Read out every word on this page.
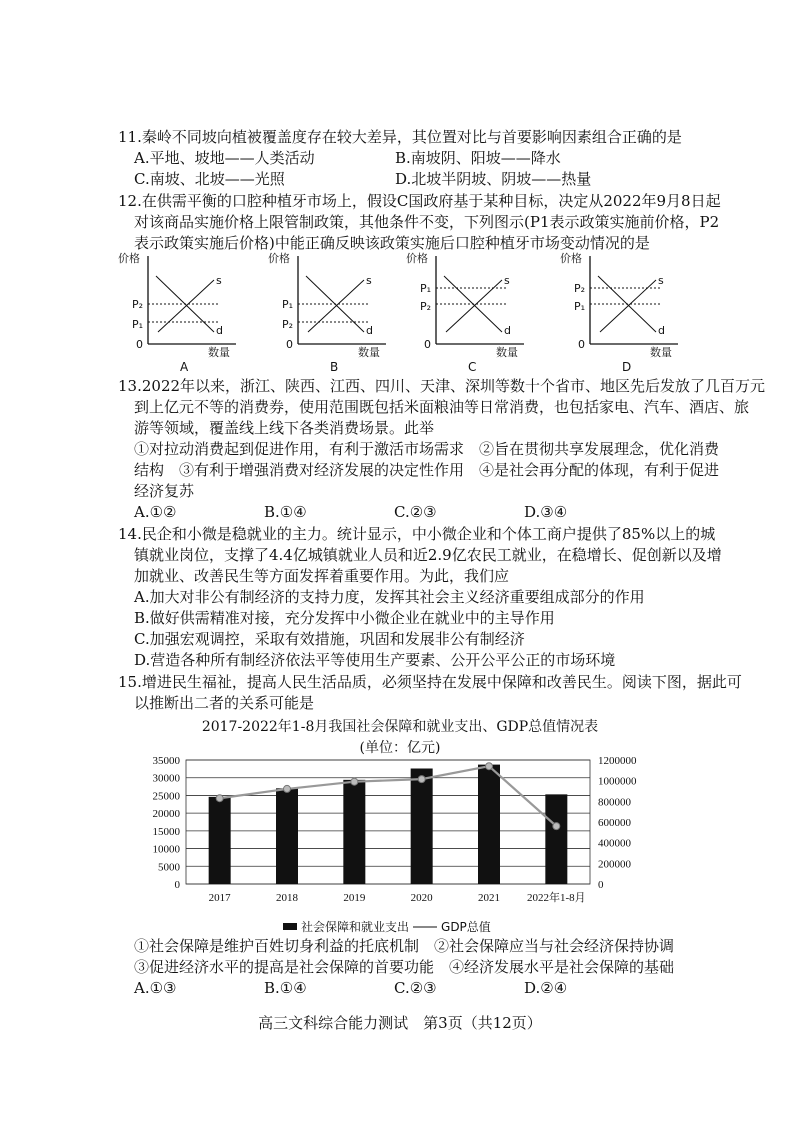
11.秦岭不同坡向植被覆盖度存在较大差异，其位置对比与首要影响因素组合正确的是
A.平地、坡地——人类活动	B.南坡阴、阳坡——降水
C.南坡、北坡——光照	D.北坡半阴坡、阴坡——热量
12.在供需平衡的口腔种植牙市场上，假设C国政府基于某种目标，决定从2022年9月8日起
对该商品实施价格上限管制政策，其他条件不变，下列图示(P1表示政策实施前价格，P2
表示政策实施后价格)中能正确反映该政策实施后口腔种植牙市场变动情况的是
价格
P₂
P₁
s
d
0
数量
价格
P₁
P₂
s
d
0
数量
价格
P₁
P₂
s
d
0
数量
价格
P₂
P₁
s
d
0
数量
A	B	C	D
13.2022年以来，浙江、陕西、江西、四川、天津、深圳等数十个省市、地区先后发放了几百万元
到上亿元不等的消费券，使用范围既包括米面粮油等日常消费，也包括家电、汽车、酒店、旅
游等领域，覆盖线上线下各类消费场景。此举
①对拉动消费起到促进作用，有利于激活市场需求　②旨在贯彻共享发展理念，优化消费
结构　③有利于增强消费对经济发展的决定性作用　④是社会再分配的体现，有利于促进
经济复苏
A.①②	B.①④	C.②③	D.③④
14.民企和小微是稳就业的主力。统计显示，中小微企业和个体工商户提供了85%以上的城
镇就业岗位，支撑了4.4亿城镇就业人员和近2.9亿农民工就业，在稳增长、促创新以及增
加就业、改善民生等方面发挥着重要作用。为此，我们应
A.加大对非公有制经济的支持力度，发挥其社会主义经济重要组成部分的作用
B.做好供需精准对接，充分发挥中小微企业在就业中的主导作用
C.加强宏观调控，采取有效措施，巩固和发展非公有制经济
D.营造各种所有制经济依法平等使用生产要素、公开公平公正的市场环境
15.增进民生福祉，提高人民生活品质，必须坚持在发展中保障和改善民生。阅读下图，据此可
以推断出二者的关系可能是
2017-2022年1-8月我国社会保障和就业支出、GDP总值情况表
(单位：亿元)
35000
30000
25000
20000
15000
10000
5000
0
1200000
1000000
800000
600000
400000
200000
0
2017	2018	2019	2020	2021 2022年1-8月
社会保障和就业支出	GDP总值
①社会保障是维护百姓切身利益的托底机制　②社会保障应当与社会经济保持协调
③促进经济水平的提高是社会保障的首要功能　④经济发展水平是社会保障的基础
A.①③	B.①④	C.②③	D.②④
高三文科综合能力测试　第3页（共12页）
